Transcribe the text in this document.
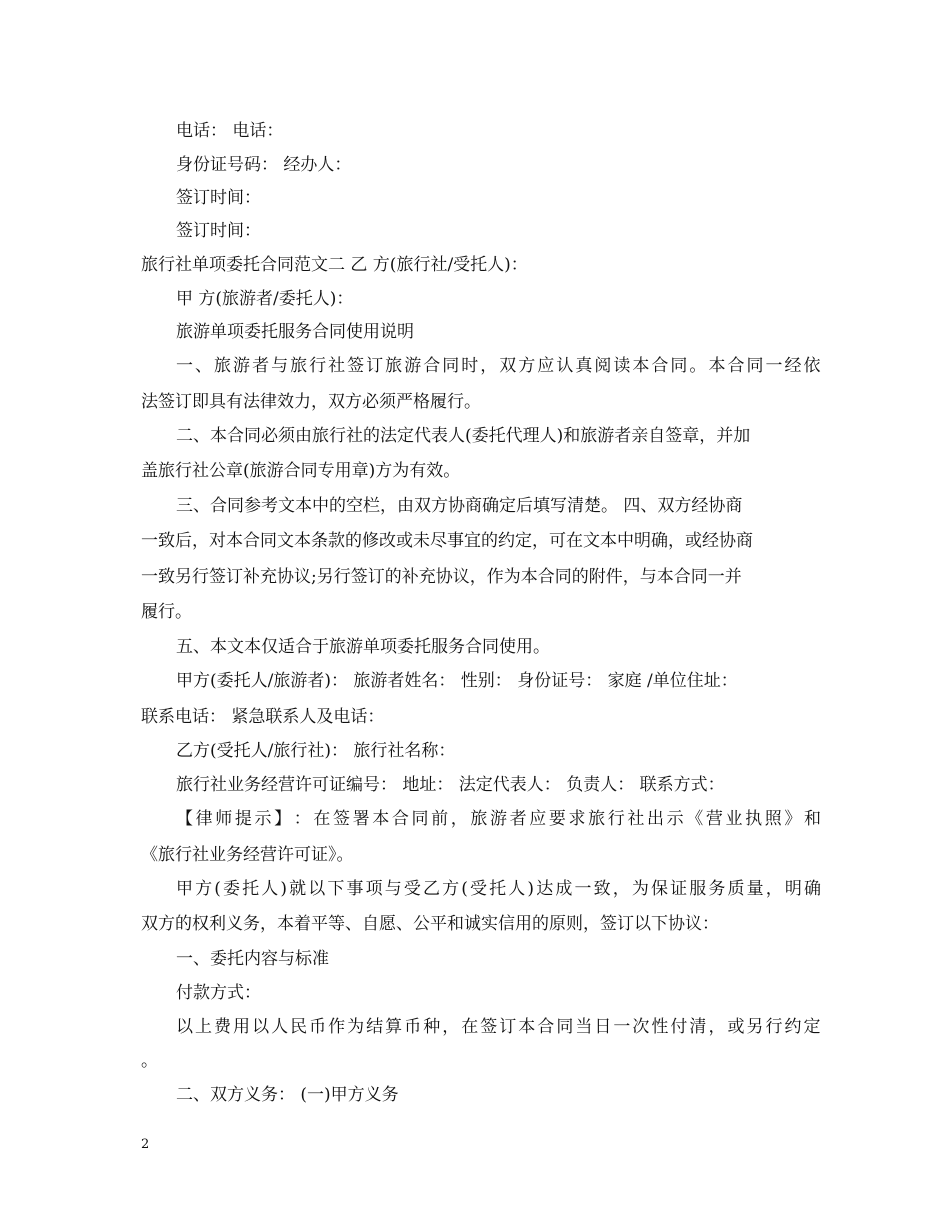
电话： 电话：
身份证号码： 经办人：
签订时间：
签订时间：
旅行社单项委托合同范文二 乙 方(旅行社/受托人)：
甲 方(旅游者/委托人)：
旅游单项委托服务合同使用说明
一 、 旅 游 者 与 旅 行 社 签 订 旅 游 合 同 时 ， 双 方 应 认 真 阅 读 本 合 同 。 本 合 同 一 经 依
法签订即具有法律效力，双方必须严格履行。
二、本合同必须由旅行社的法定代表人(委托代理人)和旅游者亲自签章，并加
盖旅行社公章(旅游合同专用章)方为有效。
三、合同参考文本中的空栏，由双方协商确定后填写清楚。 四、双方经协商
一致后，对本合同文本条款的修改或未尽事宜的约定，可在文本中明确，或经协商
一致另行签订补充协议;另行签订的补充协议，作为本合同的附件，与本合同一并
履行。
五、本文本仅适合于旅游单项委托服务合同使用。
甲方(委托人/旅游者)： 旅游者姓名： 性别： 身份证号： 家庭 /单位住址：
联系电话： 紧急联系人及电话：
乙方(受托人/旅行社)： 旅行社名称：
旅行社业务经营许可证编号： 地址： 法定代表人： 负责人： 联系方式：
【 律 师 提 示 】 ： 在 签 署 本 合 同 前 ， 旅 游 者 应 要 求 旅 行 社 出 示 《 营 业 执 照 》 和
《旅行社业务经营许可证》。
甲 方 ( 委 托 人 ) 就 以 下 事 项 与 受 乙 方 ( 受 托 人 ) 达 成 一 致 ， 为 保 证 服 务 质 量 ， 明 确
双方的权利义务，本着平等、自愿、公平和诚实信用的原则，签订以下协议：
一、委托内容与标准
付款方式：
以 上 费 用 以 人 民 币 作 为 结 算 币 种 ， 在 签 订 本 合 同 当 日 一 次 性 付 清 ， 或 另 行 约 定
。
二、双方义务： (一)甲方义务
2
